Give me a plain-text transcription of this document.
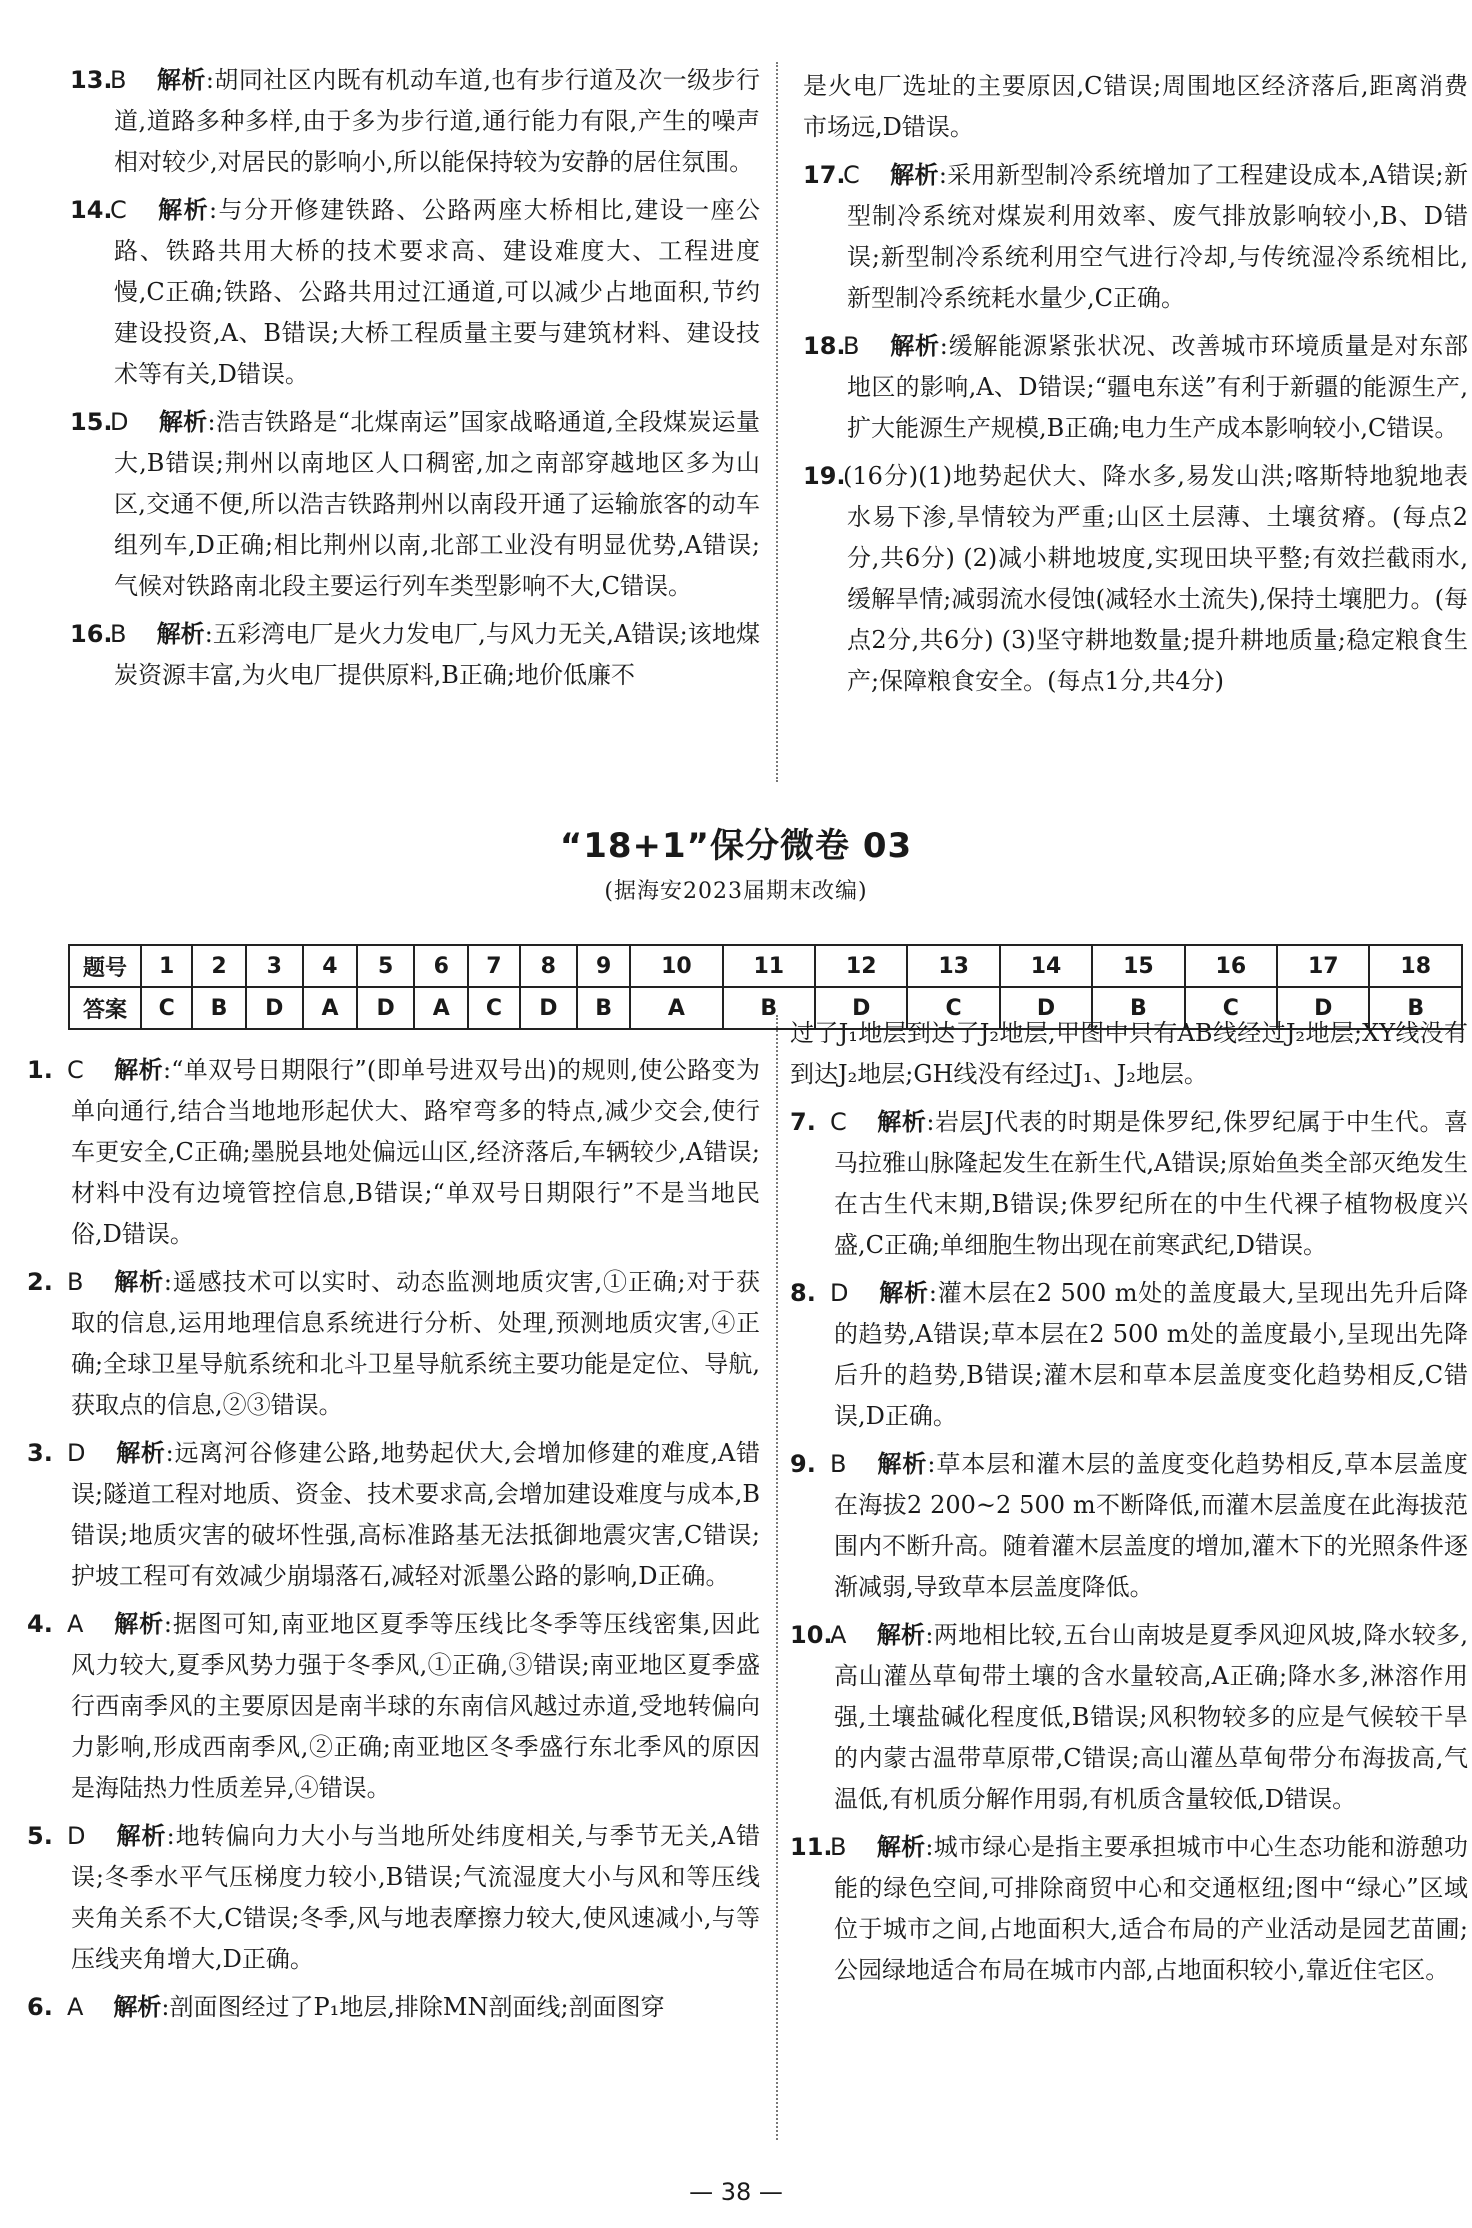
13.B 解析:胡同社区内既有机动车道,也有步行道及次一级步行道,道路多种多样,由于多为步行道,通行能力有限,产生的噪声相对较少,对居民的影响小,所以能保持较为安静的居住氛围。

14.C 解析:与分开修建铁路、公路两座大桥相比,建设一座公路、铁路共用大桥的技术要求高、建设难度大、工程进度慢,C正确;铁路、公路共用过江通道,可以减少占地面积,节约建设投资,A、B错误;大桥工程质量主要与建筑材料、建设技术等有关,D错误。

15.D 解析:浩吉铁路是“北煤南运”国家战略通道,全段煤炭运量大,B错误;荆州以南地区人口稠密,加之南部穿越地区多为山区,交通不便,所以浩吉铁路荆州以南段开通了运输旅客的动车组列车,D正确;相比荆州以南,北部工业没有明显优势,A错误;气候对铁路南北段主要运行列车类型影响不大,C错误。

16.B 解析:五彩湾电厂是火力发电厂,与风力无关,A错误;该地煤炭资源丰富,为火电厂提供原料,B正确;地价低廉不

是火电厂选址的主要原因,C错误;周围地区经济落后,距离消费市场远,D错误。

17.C 解析:采用新型制冷系统增加了工程建设成本,A错误;新型制冷系统对煤炭利用效率、废气排放影响较小,B、D错误;新型制冷系统利用空气进行冷却,与传统湿冷系统相比,新型制冷系统耗水量少,C正确。

18.B 解析:缓解能源紧张状况、改善城市环境质量是对东部地区的影响,A、D错误;“疆电东送”有利于新疆的能源生产,扩大能源生产规模,B正确;电力生产成本影响较小,C错误。

19.(16分)(1)地势起伏大、降水多,易发山洪;喀斯特地貌地表水易下渗,旱情较为严重;山区土层薄、土壤贫瘠。(每点2分,共6分) (2)减小耕地坡度,实现田块平整;有效拦截雨水,缓解旱情;减弱流水侵蚀(减轻水土流失),保持土壤肥力。(每点2分,共6分) (3)坚守耕地数量;提升耕地质量;稳定粮食生产;保障粮食安全。(每点1分,共4分)

“18+1”保分微卷 03
(据海安2023届期末改编)
题号	1	2	3	4	5	6	7	8	9	10	11	12	13	14	15	16	17	18
答案	C	B	D	A	D	A	C	D	B	A	B	D	C	D	B	C	D	B

1. C 解析:“单双号日期限行”(即单号进双号出)的规则,使公路变为单向通行,结合当地地形起伏大、路窄弯多的特点,减少交会,使行车更安全,C正确;墨脱县地处偏远山区,经济落后,车辆较少,A错误;材料中没有边境管控信息,B错误;“单双号日期限行”不是当地民俗,D错误。

2. B 解析:遥感技术可以实时、动态监测地质灾害,①正确;对于获取的信息,运用地理信息系统进行分析、处理,预测地质灾害,④正确;全球卫星导航系统和北斗卫星导航系统主要功能是定位、导航,获取点的信息,②③错误。

3. D 解析:远离河谷修建公路,地势起伏大,会增加修建的难度,A错误;隧道工程对地质、资金、技术要求高,会增加建设难度与成本,B错误;地质灾害的破坏性强,高标准路基无法抵御地震灾害,C错误;护坡工程可有效减少崩塌落石,减轻对派墨公路的影响,D正确。

4. A 解析:据图可知,南亚地区夏季等压线比冬季等压线密集,因此风力较大,夏季风势力强于冬季风,①正确,③错误;南亚地区夏季盛行西南季风的主要原因是南半球的东南信风越过赤道,受地转偏向力影响,形成西南季风,②正确;南亚地区冬季盛行东北季风的原因是海陆热力性质差异,④错误。

5. D 解析:地转偏向力大小与当地所处纬度相关,与季节无关,A错误;冬季水平气压梯度力较小,B错误;气流湿度大小与风和等压线夹角关系不大,C错误;冬季,风与地表摩擦力较大,使风速减小,与等压线夹角增大,D正确。

6. A 解析:剖面图经过了P₁地层,排除MN剖面线;剖面图穿

过了J₁地层到达了J₂地层,甲图中只有AB线经过J₂地层;XY线没有到达J₂地层;GH线没有经过J₁、J₂地层。

7. C 解析:岩层J代表的时期是侏罗纪,侏罗纪属于中生代。喜马拉雅山脉隆起发生在新生代,A错误;原始鱼类全部灭绝发生在古生代末期,B错误;侏罗纪所在的中生代裸子植物极度兴盛,C正确;单细胞生物出现在前寒武纪,D错误。

8. D 解析:灌木层在2 500 m处的盖度最大,呈现出先升后降的趋势,A错误;草本层在2 500 m处的盖度最小,呈现出先降后升的趋势,B错误;灌木层和草本层盖度变化趋势相反,C错误,D正确。

9. B 解析:草本层和灌木层的盖度变化趋势相反,草本层盖度在海拔2 200~2 500 m不断降低,而灌木层盖度在此海拔范围内不断升高。随着灌木层盖度的增加,灌木下的光照条件逐渐减弱,导致草本层盖度降低。

10.A 解析:两地相比较,五台山南坡是夏季风迎风坡,降水较多,高山灌丛草甸带土壤的含水量较高,A正确;降水多,淋溶作用强,土壤盐碱化程度低,B错误;风积物较多的应是气候较干旱的内蒙古温带草原带,C错误;高山灌丛草甸带分布海拔高,气温低,有机质分解作用弱,有机质含量较低,D错误。

11.B 解析:城市绿心是指主要承担城市中心生态功能和游憩功能的绿色空间,可排除商贸中心和交通枢纽;图中“绿心”区域位于城市之间,占地面积大,适合布局的产业活动是园艺苗圃;公园绿地适合布局在城市内部,占地面积较小,靠近住宅区。

— 38 —
